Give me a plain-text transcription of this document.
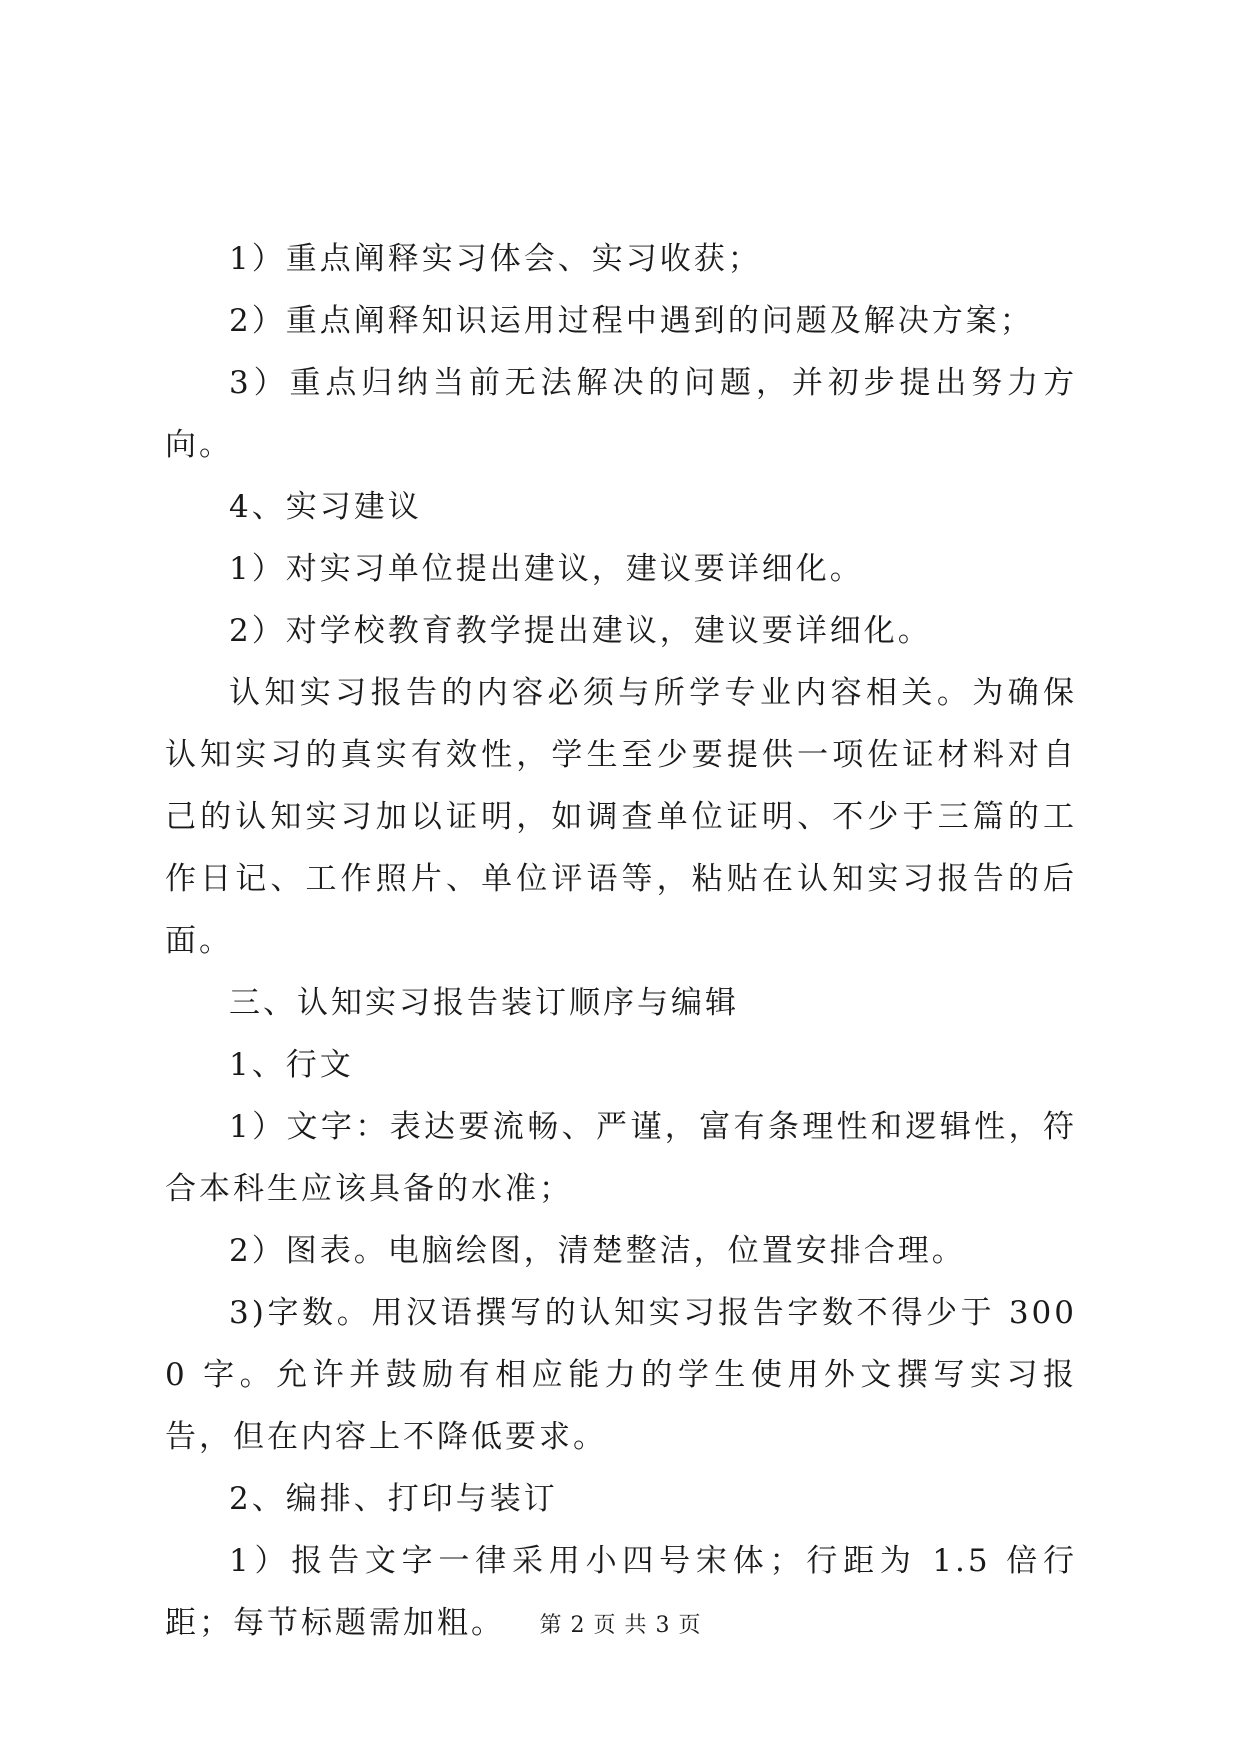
1）重点阐释实习体会、实习收获；

2）重点阐释知识运用过程中遇到的问题及解决方案；

3）重点归纳当前无法解决的问题，并初步提出努力方向。

4、实习建议

1）对实习单位提出建议，建议要详细化。

2）对学校教育教学提出建议，建议要详细化。

认知实习报告的内容必须与所学专业内容相关。为确保认知实习的真实有效性，学生至少要提供一项佐证材料对自己的认知实习加以证明，如调查单位证明、不少于三篇的工作日记、工作照片、单位评语等，粘贴在认知实习报告的后面。

三、认知实习报告装订顺序与编辑

1、行文

1）文字：表达要流畅、严谨，富有条理性和逻辑性，符合本科生应该具备的水准；

2）图表。电脑绘图，清楚整洁，位置安排合理。

3)字数。用汉语撰写的认知实习报告字数不得少于 3000 字。允许并鼓励有相应能力的学生使用外文撰写实习报告，但在内容上不降低要求。

2、编排、打印与装订

1）报告文字一律采用小四号宋体；行距为 1.5 倍行距；每节标题需加粗。	第 2 页 共 3 页
